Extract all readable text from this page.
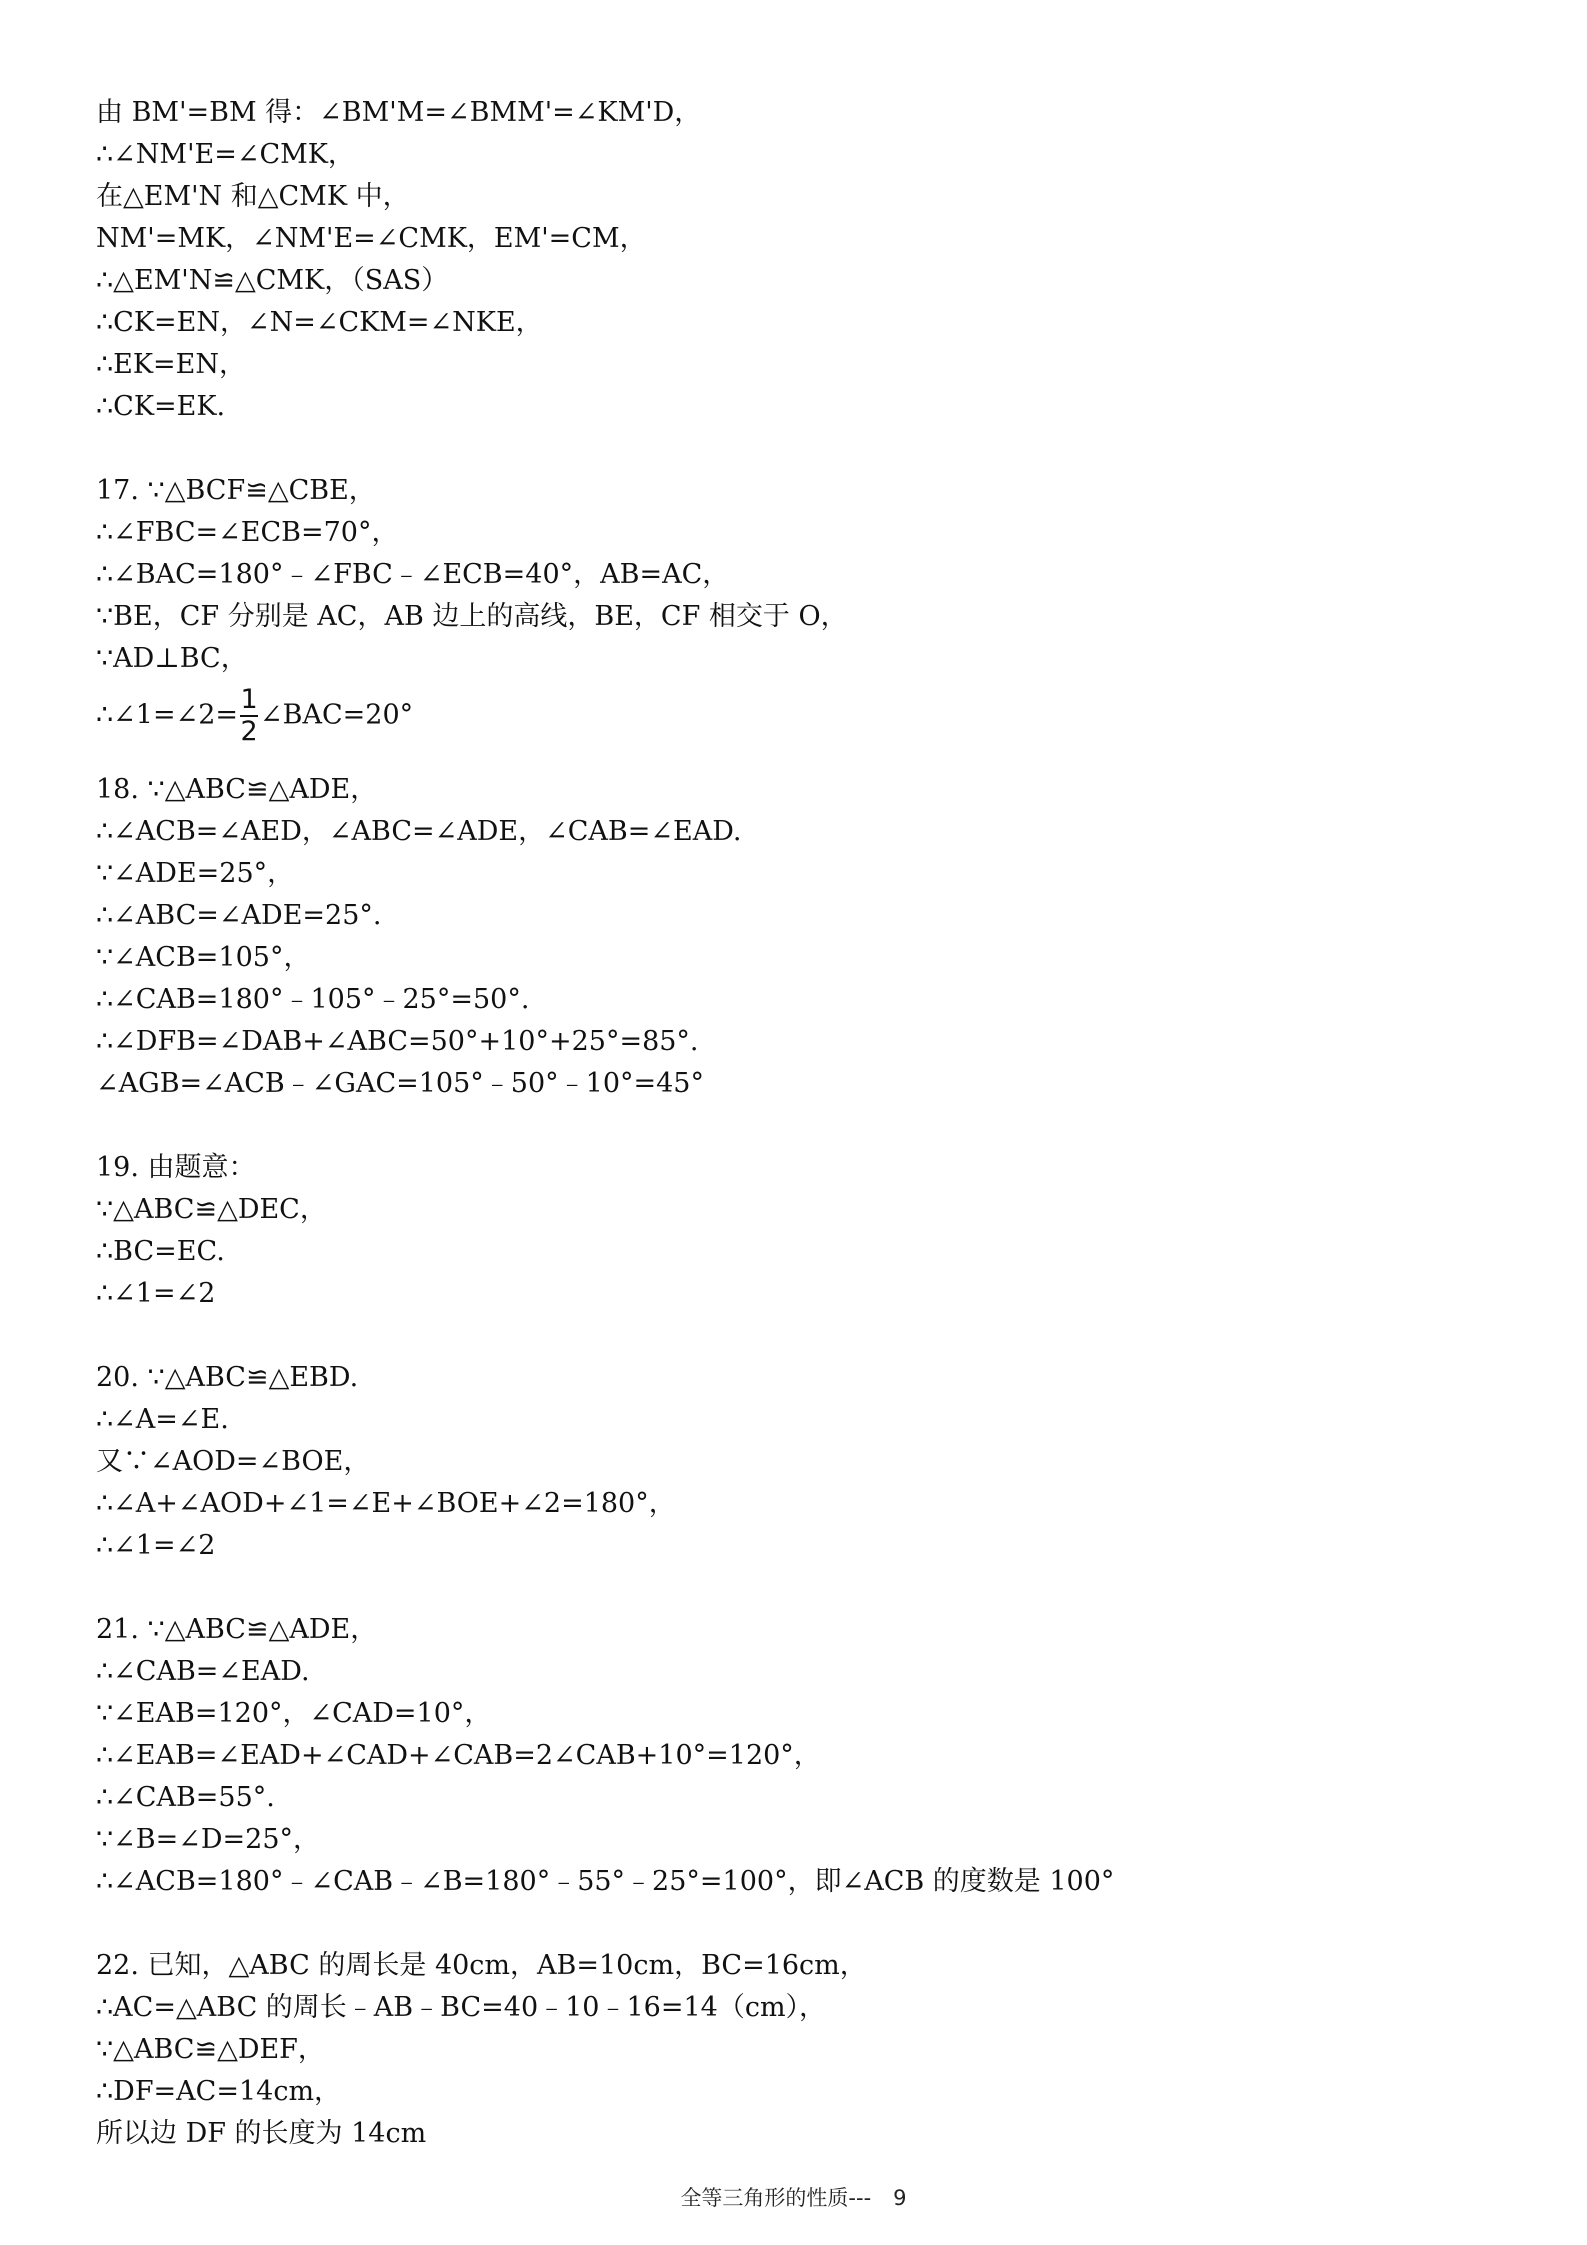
由 BM'=BM 得：∠BM'M=∠BMM'=∠KM'D，
∴∠NM'E=∠CMK，
在△EM'N 和△CMK 中，
NM'=MK，∠NM'E=∠CMK，EM'=CM，
∴△EM'N≌△CMK，（SAS）
∴CK=EN，∠N=∠CKM=∠NKE，
∴EK=EN，
∴CK=EK.
17. ∵△BCF≌△CBE，
∴∠FBC=∠ECB=70°，
∴∠BAC=180°﹣∠FBC﹣∠ECB=40°，AB=AC，
∵BE，CF 分别是 AC，AB 边上的高线，BE，CF 相交于 O，
∵AD⊥BC，
∴∠1=∠2= $\frac{1}{2}$ ∠BAC=20°
18. ∵△ABC≌△ADE，
∴∠ACB=∠AED，∠ABC=∠ADE，∠CAB=∠EAD.
∵∠ADE=25°，
∴∠ABC=∠ADE=25°.
∵∠ACB=105°，
∴∠CAB=180°﹣105°﹣25°=50°.
∴∠DFB=∠DAB+∠ABC=50°+10°+25°=85°.
∠AGB=∠ACB﹣∠GAC=105°﹣50°﹣10°=45°
19. 由题意：
∵△ABC≌△DEC，
∴BC=EC.
∴∠1=∠2
20. ∵△ABC≌△EBD.
∴∠A=∠E.
又∵∠AOD=∠BOE，
∴∠A+∠AOD+∠1=∠E+∠BOE+∠2=180°，
∴∠1=∠2
21. ∵△ABC≌△ADE，
∴∠CAB=∠EAD.
∵∠EAB=120°，∠CAD=10°，
∴∠EAB=∠EAD+∠CAD+∠CAB=2∠CAB+10°=120°，
∴∠CAB=55°.
∵∠B=∠D=25°，
∴∠ACB=180°﹣∠CAB﹣∠B=180°﹣55°﹣25°=100°，即∠ACB 的度数是 100°
22. 已知，△ABC 的周长是 40cm，AB=10cm，BC=16cm，
∴AC=△ABC 的周长﹣AB﹣BC=40﹣10﹣16=14（cm），
∵△ABC≌△DEF，
∴DF=AC=14cm，
所以边 DF 的长度为 14cm
全等三角形的性质--- 9
